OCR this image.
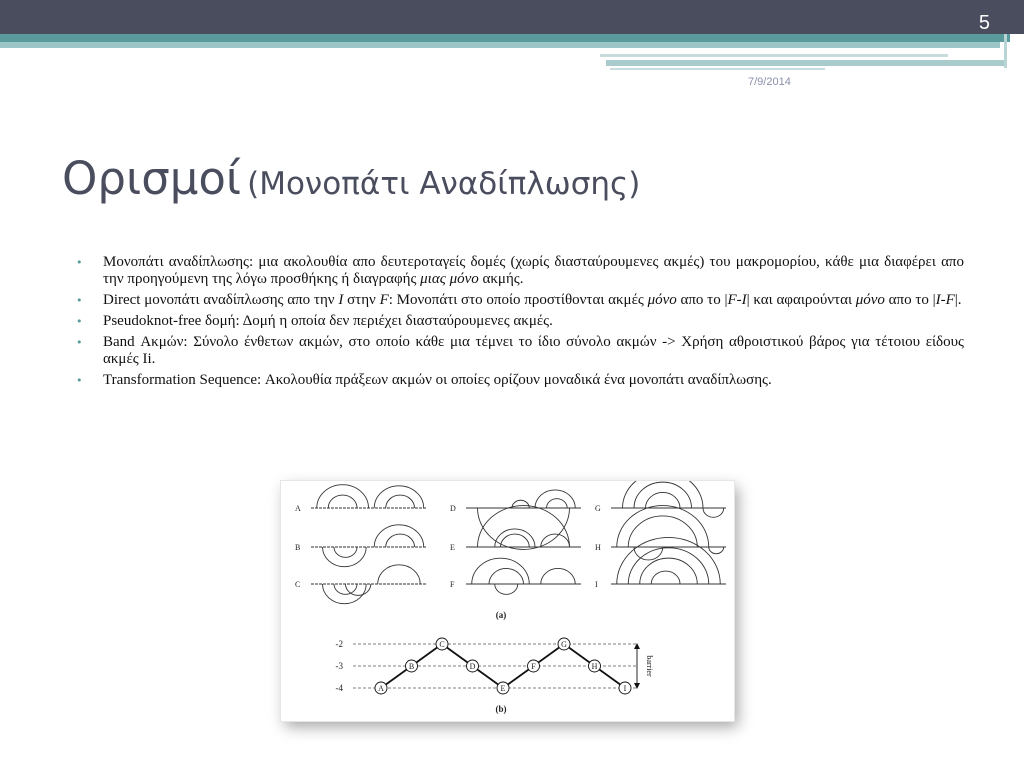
5
7/9/2014
Ορισμοί (Μονοπάτι Αναδίπλωσης)
• Μονοπάτι αναδίπλωσης: μια ακολουθία απο δευτεροταγείς δομές (χωρίς διασταύρουμενες ακμές) του μακρομορίου, κάθε μια διαφέρει απο την προηγούμενη της λόγω προσθήκης ή διαγραφής μιας μόνο ακμής.
• Direct μονοπάτι αναδίπλωσης απο την I στην F: Μονοπάτι στο οποίο προστίθονται ακμές μόνο απο το |F-I| και αφαιρούνται μόνο απο το |I-F|.
• Pseudoknot-free δομή: Δομή η οποία δεν περιέχει διασταύρουμενες ακμές.
• Band Ακμών: Σύνολο ένθετων ακμών, στο οποίο κάθε μια τέμνει το ίδιο σύνολο ακμών -> Χρήση αθροιστικού βάρος για τέτοιου είδους ακμές Ii.
• Transformation Sequence: Ακολουθία πράξεων ακμών οι οποίες ορίζουν μοναδικά ένα μονοπάτι αναδίπλωσης.
A
B
C
D
E
F
G
H
I
(a)
-2
-3
-4	A
B
C
D
E
F
G
H
I
barrier
(b)
